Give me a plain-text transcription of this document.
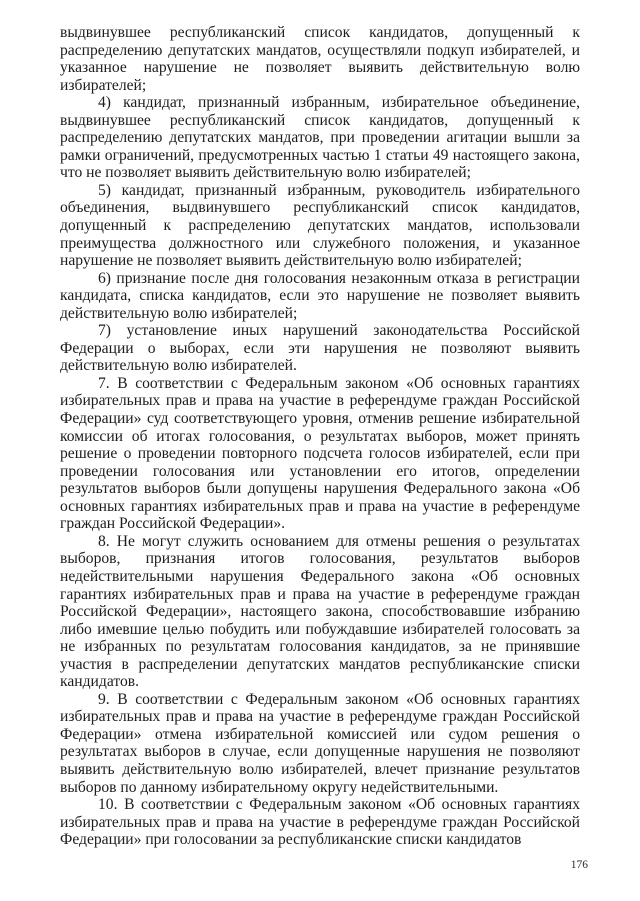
выдвинувшее республиканский список кандидатов, допущенный к распределению депутатских мандатов, осуществляли подкуп избирателей, и указанное нарушение не позволяет выявить действительную волю избирателей;

4) кандидат, признанный избранным, избирательное объединение, выдвинувшее республиканский список кандидатов, допущенный к распределению депутатских мандатов, при проведении агитации вышли за рамки ограничений, предусмотренных частью 1 статьи 49 настоящего закона, что не позволяет выявить действительную волю избирателей;

5) кандидат, признанный избранным, руководитель избирательного объединения, выдвинувшего республиканский список кандидатов, допущенный к распределению депутатских мандатов, использовали преимущества должностного или служебного положения, и указанное нарушение не позволяет выявить действительную волю избирателей;

6) признание после дня голосования незаконным отказа в регистрации кандидата, списка кандидатов, если это нарушение не позволяет выявить действительную волю избирателей;

7) установление иных нарушений законодательства Российской Федерации о выборах, если эти нарушения не позволяют выявить действительную волю избирателей.

7. В соответствии с Федеральным законом «Об основных гарантиях избирательных прав и права на участие в референдуме граждан Российской Федерации» суд соответствующего уровня, отменив решение избирательной комиссии об итогах голосования, о результатах выборов, может принять решение о проведении повторного подсчета голосов избирателей, если при проведении голосования или установлении его итогов, определении результатов выборов были допущены нарушения Федерального закона «Об основных гарантиях избирательных прав и права на участие в референдуме граждан Российской Федерации».

8. Не могут служить основанием для отмены решения о результатах выборов, признания итогов голосования, результатов выборов недействительными нарушения Федерального закона «Об основных гарантиях избирательных прав и права на участие в референдуме граждан Российской Федерации», настоящего закона, способствовавшие избранию либо имевшие целью побудить или побуждавшие избирателей голосовать за не избранных по результатам голосования кандидатов, за не принявшие участия в распределении депутатских мандатов республиканские списки кандидатов.

9. В соответствии с Федеральным законом «Об основных гарантиях избирательных прав и права на участие в референдуме граждан Российской Федерации» отмена избирательной комиссией или судом решения о результатах выборов в случае, если допущенные нарушения не позволяют выявить действительную волю избирателей, влечет признание результатов выборов по данному избирательному округу недействительными.

10. В соответствии с Федеральным законом «Об основных гарантиях избирательных прав и права на участие в референдуме граждан Российской Федерации» при голосовании за республиканские списки кандидатов

176
